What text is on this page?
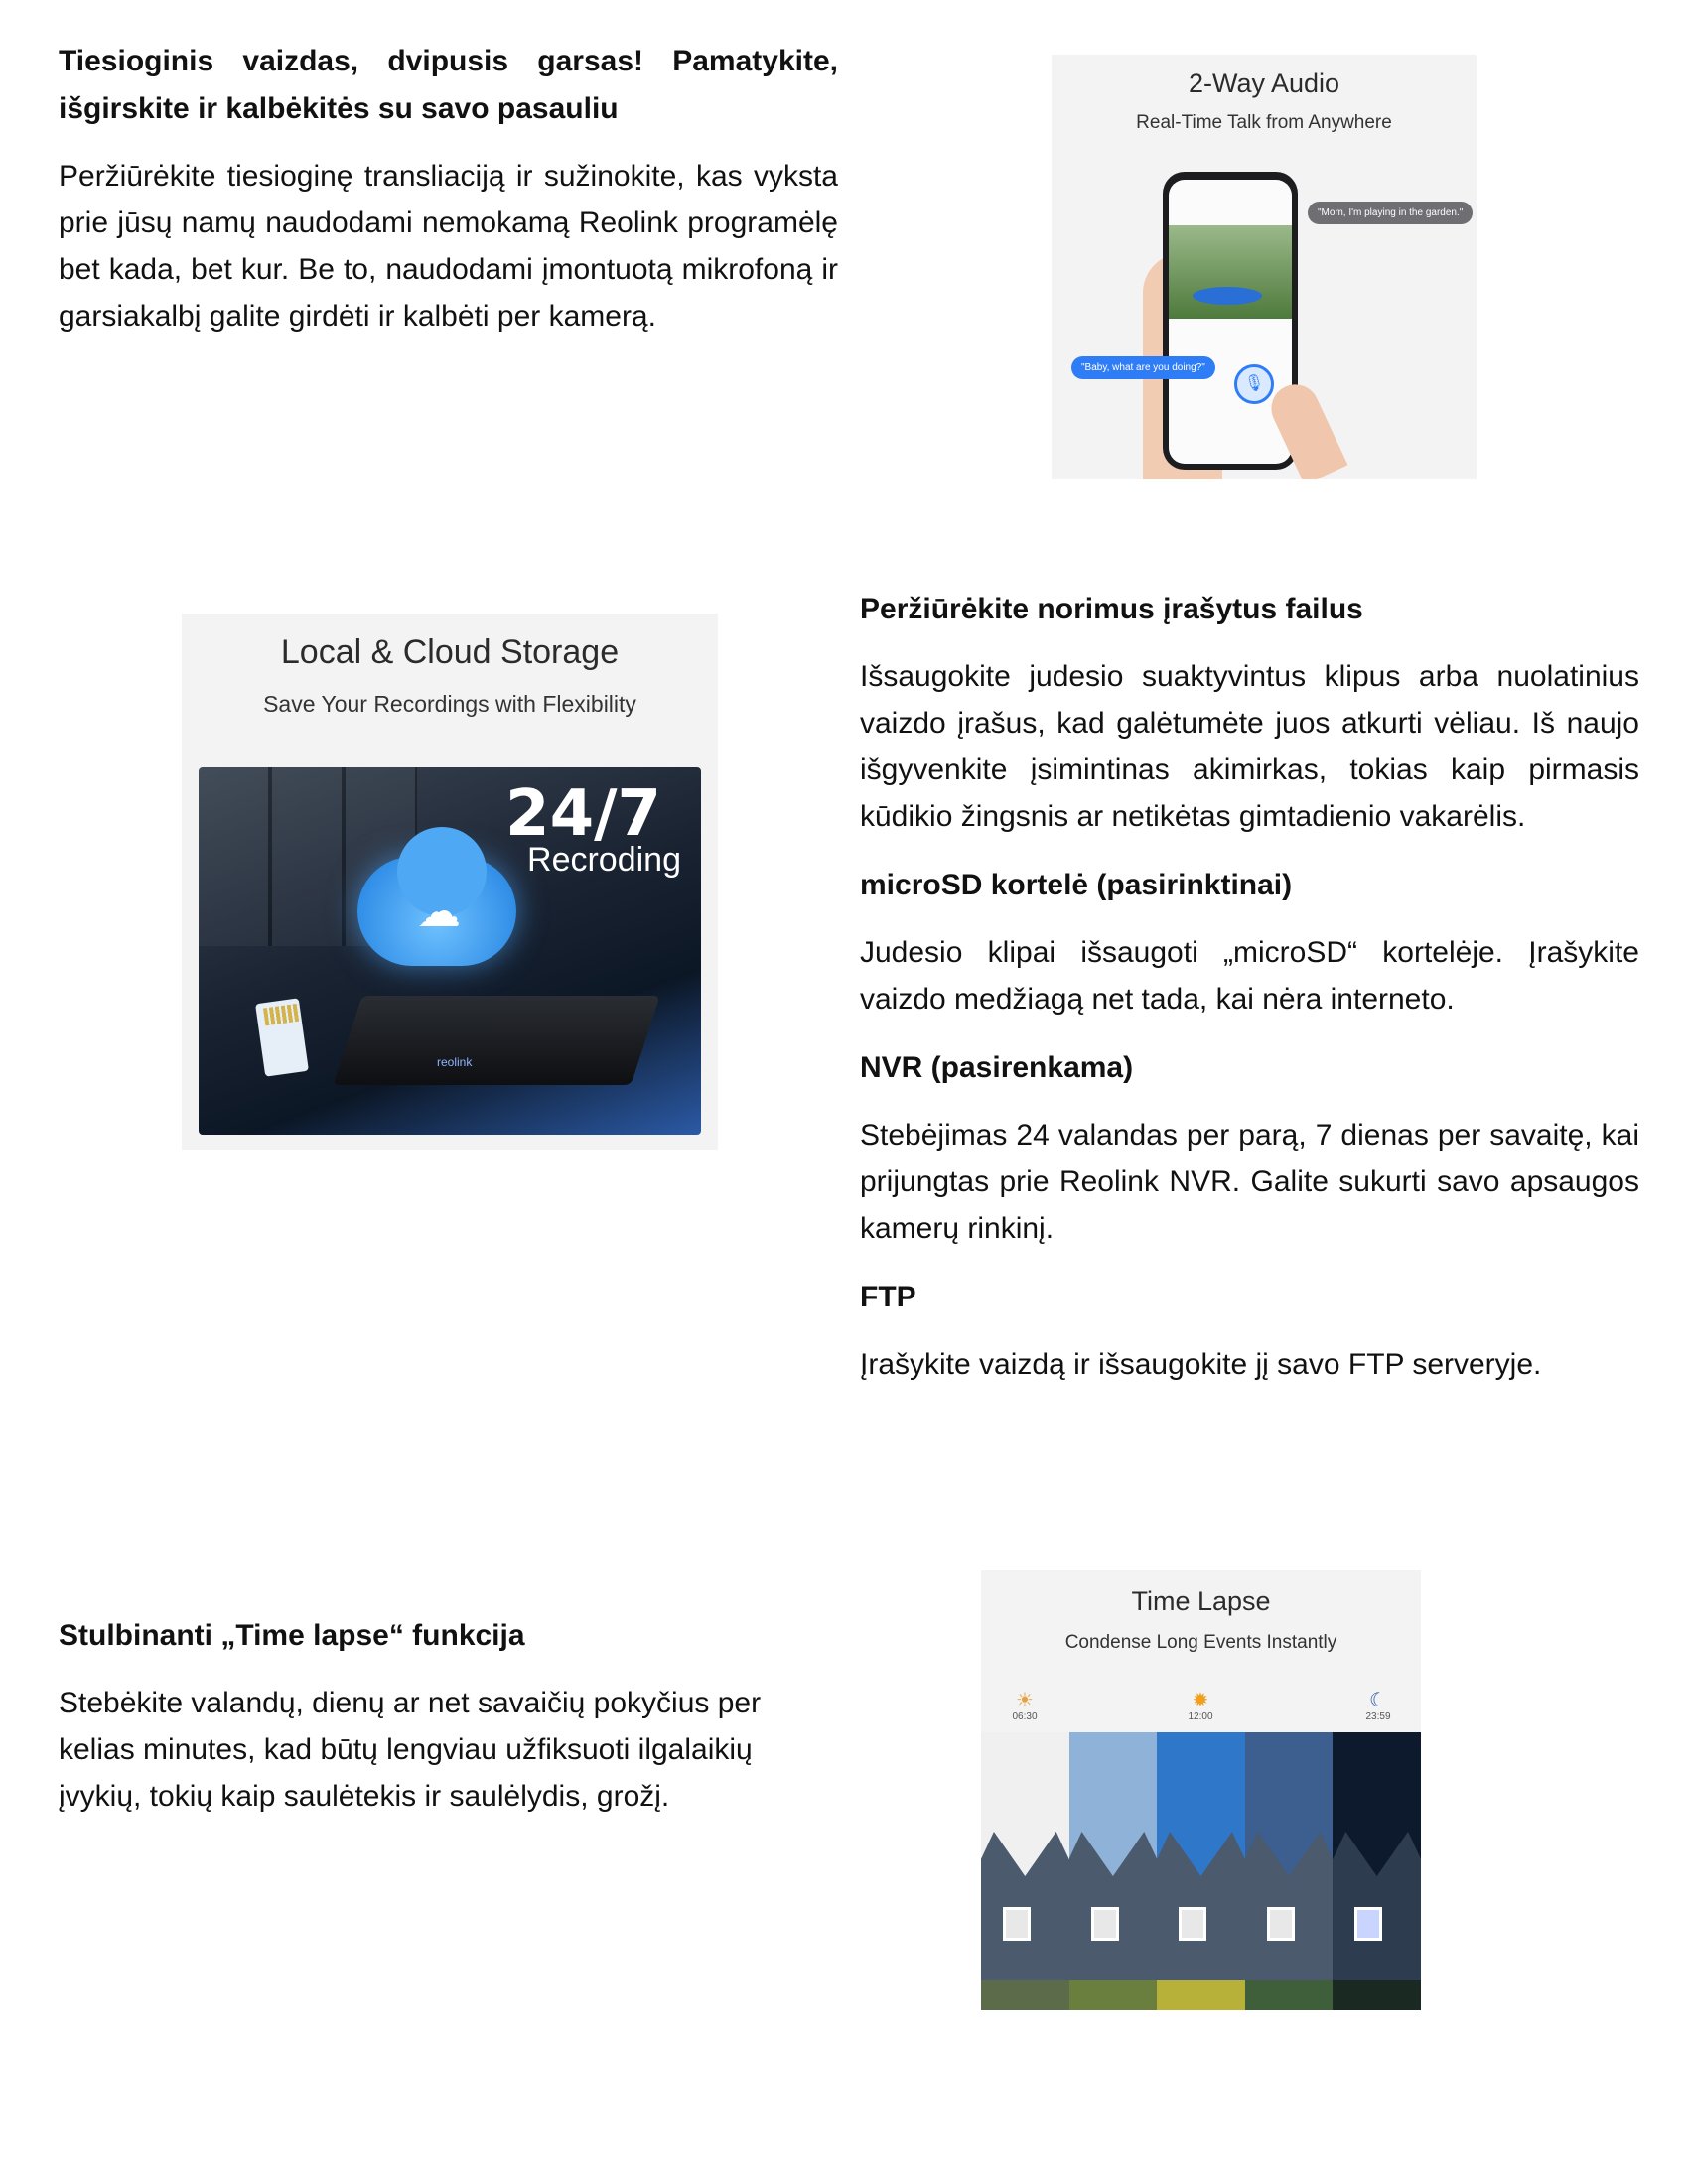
Tiesioginis vaizdas, dvipusis garsas! Pamatykite, išgirskite ir kalbėkitės su savo pasauliu

Peržiūrėkite tiesioginę transliaciją ir sužinokite, kas vyksta prie jūsų namų naudodami nemokamą Reolink programėlę bet kada, bet kur. Be to, naudodami įmontuotą mikrofoną ir garsiakalbį galite girdėti ir kalbėti per kamerą.

2-Way Audio
Real-Time Talk from Anywhere
"Mom, I'm playing in the garden."
"Baby, what are you doing?"
🎙
Local & Cloud Storage
Save Your Recordings with Flexibility
24/7
Recroding
☁
reolink

Peržiūrėkite norimus įrašytus failus

Išsaugokite judesio suaktyvintus klipus arba nuolatinius vaizdo įrašus, kad galėtumėte juos atkurti vėliau. Iš naujo išgyvenkite įsimintinas akimirkas, tokias kaip pirmasis kūdikio žingsnis ar netikėtas gimtadienio vakarėlis.

microSD kortelė (pasirinktinai)

Judesio klipai išsaugoti „microSD“ kortelėje. Įrašykite vaizdo medžiagą net tada, kai nėra interneto.

NVR (pasirenkama)

Stebėjimas 24 valandas per parą, 7 dienas per savaitę, kai prijungtas prie Reolink NVR. Galite sukurti savo apsaugos kamerų rinkinį.

FTP

Įrašykite vaizdą ir išsaugokite jį savo FTP serveryje.

Stulbinanti „Time lapse“ funkcija

Stebėkite valandų, dienų ar net savaičių pokyčius per kelias minutes, kad būtų lengviau užfiksuoti ilgalaikių įvykių, tokių kaip saulėtekis ir saulėlydis, grožį.

Time Lapse
Condense Long Events Instantly
☀
06:30
✹
12:00
☾
23:59
